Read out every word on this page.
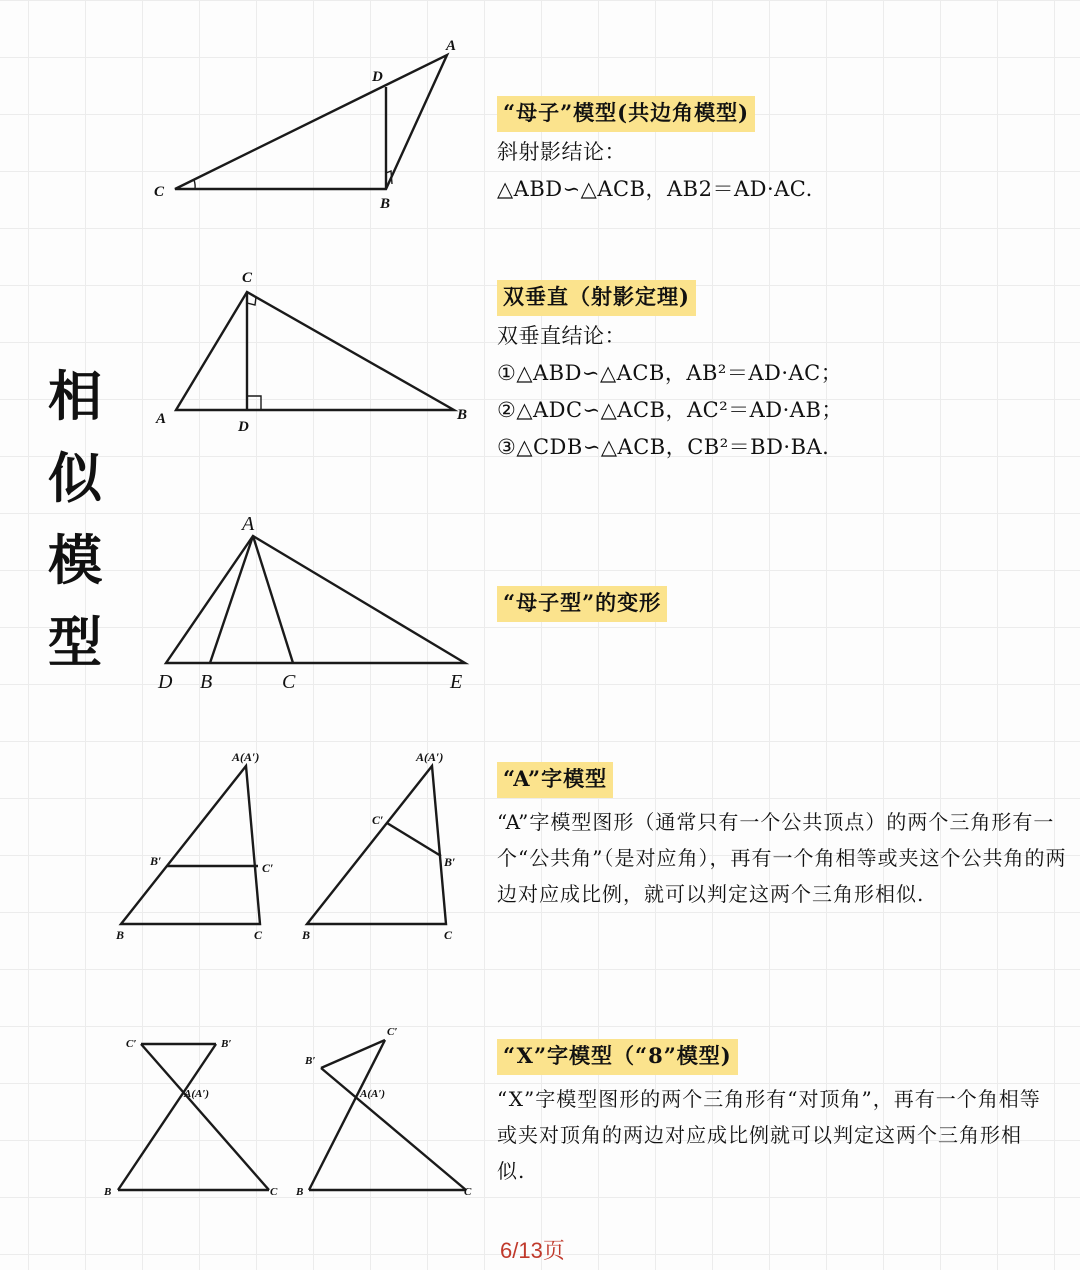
相
似
模
型
A
D
C
B
“母子”模型(共边角模型)
斜射影结论：
△ABD∽△ACB，AB2＝AD·AC.
C
A	D
B
双垂直（射影定理)
双垂直结论：
①△ABD∽△ACB，AB²＝AD·AC；
②△ADC∽△ACB，AC²＝AD·AB；
③△CDB∽△ACB，CB²＝BD·BA.
A
D B	C	E
“母子型”的变形
A(A′)
B′	C′
B	C
A(A′)
C′
B′
B	C
“A”字模型
“A”字模型图形（通常只有一个公共顶点）的两个三角形有一个“公共角”（是对应角），再有一个角相等或夹这个公共角的两边对应成比例，就可以判定这两个三角形相似.
C′	B′
A(A′)
B	C
C′
B′
A(A′)
B	C
“X”字模型（“8”模型)
“X”字模型图形的两个三角形有“对顶角”，再有一个角相等或夹对顶角的两边对应成比例就可以判定这两个三角形相似.
6/13页
